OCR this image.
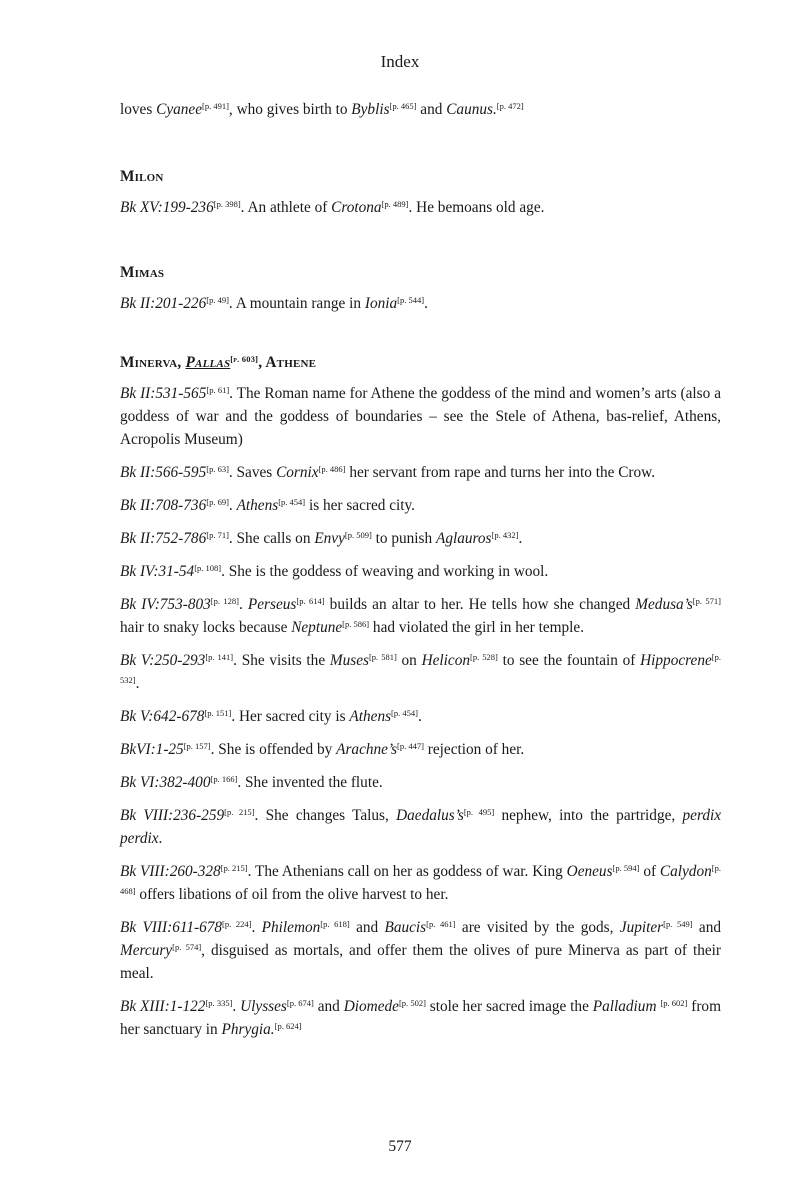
Index

loves Cyanee[p. 491], who gives birth to Byblis[p. 465] and Caunus.[p. 472]

Milon

Bk XV:199-236[p. 398]. An athlete of Crotona[p. 489]. He bemoans old age.

Mimas

Bk II:201-226[p. 49]. A mountain range in Ionia[p. 544].

Minerva, Pallas[p. 603], Athene

Bk II:531-565[p. 61]. The Roman name for Athene the goddess of the mind and women’s arts (also a goddess of war and the goddess of boundaries – see the Stele of Athena, bas-relief, Athens, Acropolis Museum)

Bk II:566-595[p. 63]. Saves Cornix[p. 486] her servant from rape and turns her into the Crow.

Bk II:708-736[p. 69]. Athens[p. 454] is her sacred city.

Bk II:752-786[p. 71]. She calls on Envy[p. 509] to punish Aglauros[p. 432].

Bk IV:31-54[p. 108]. She is the goddess of weaving and working in wool.

Bk IV:753-803[p. 128]. Perseus[p. 614] builds an altar to her. He tells how she changed Medusa’s[p. 571] hair to snaky locks because Neptune[p. 586] had violated the girl in her temple.

Bk V:250-293[p. 141]. She visits the Muses[p. 581] on Helicon[p. 528] to see the fountain of Hippocrene[p. 532].

Bk V:642-678[p. 151]. Her sacred city is Athens[p. 454].

BkVI:1-25[p. 157]. She is offended by Arachne’s[p. 447] rejection of her.

Bk VI:382-400[p. 166]. She invented the flute.

Bk VIII:236-259[p. 215]. She changes Talus, Daedalus’s[p. 495] nephew, into the partridge, perdix perdix.

Bk VIII:260-328[p. 215]. The Athenians call on her as goddess of war. King Oeneus[p. 594] of Calydon[p. 468] offers libations of oil from the olive harvest to her.

Bk VIII:611-678[p. 224]. Philemon[p. 618] and Baucis[p. 461] are visited by the gods, Jupiter[p. 549] and Mercury[p. 574], disguised as mortals, and offer them the olives of pure Minerva as part of their meal.

Bk XIII:1-122[p. 335]. Ulysses[p. 674] and Diomede[p. 502] stole her sacred image the Palladium [p. 602] from her sanctuary in Phrygia.[p. 624]

577
